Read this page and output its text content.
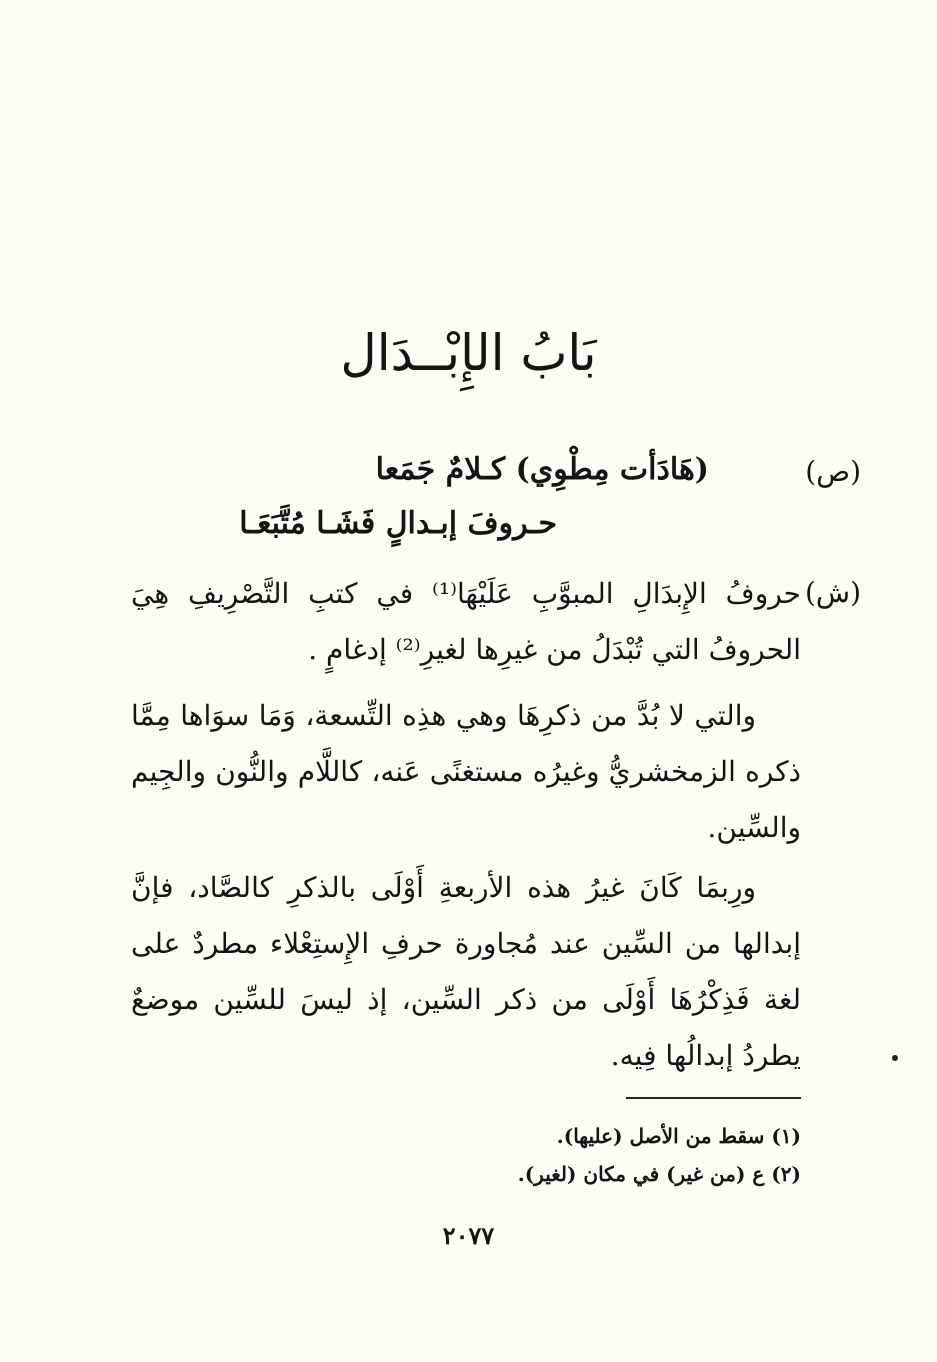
بَابُ الإِبْــدَال
(ص)
(هَادَأت مِطْوِي) كـلامٌ جَمَعا
حـروفَ إبـدالٍ فَشَـا مُتَّبَعَـا
(ش)
حروفُ الإِبدَالِ المبوَّبِ عَلَيْهَا⁽¹⁾ في كتبِ التَّصْرِيفِ هِيَ الحروفُ التي تُبْدَلُ من غيرِها لغيرِ⁽²⁾ إدغامٍ .
والتي لا بُدَّ من ذكرِهَا وهي هذِه التِّسعة، وَمَا سوَاها مِمَّا ذكره الزمخشريُّ وغيرُه مستغنًى عَنه، كاللَّام والنُّون والجِيم والسِّين.
ورِبمَا كَانَ غيرُ هذه الأربعةِ أَوْلَى بالذكرِ كالصَّاد، فإنَّ إبدالها من السِّين عند مُجاورة حرفِ الإِستِعْلاء مطردٌ على لغة فَذِكْرُهَا أَوْلَى من ذكر السِّين، إذ ليسَ للسِّين موضعٌ يطردُ إبدالُها فِيه.
(١) سقط من الأصل (عليها).
(٢) ع (من غير) في مكان (لغير).
٢٠٧٧
